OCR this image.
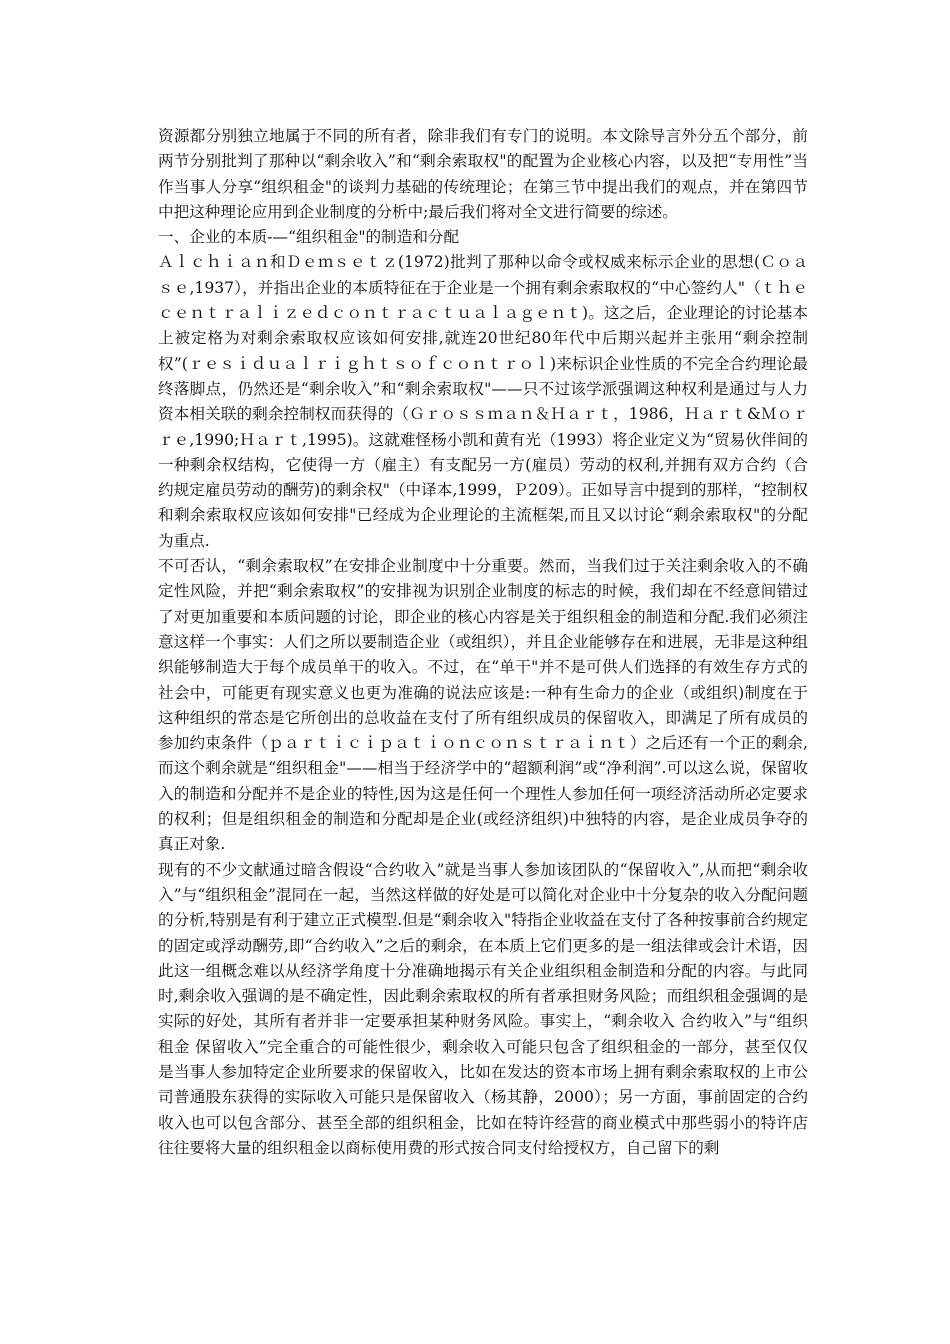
资源都分别独立地属于不同的所有者，除非我们有专门的说明。本文除导言外分五个部分，前两节分别批判了那种以“剩余收入”和“剩余索取权"的配置为企业核心内容，以及把“专用性”当作当事人分享“组织租金"的谈判力基础的传统理论；在第三节中提出我们的观点，并在第四节中把这种理论应用到企业制度的分析中;最后我们将对全文进行简要的综述。

一、企业的本质-—“组织租金"的制造和分配

Ａｌｃｈｉａｎ和Ｄｅｍｓｅｔｚ(1972)批判了那种以命令或权威来标示企业的思想(Ｃｏａｓｅ,1937），并指出企业的本质特征在于企业是一个拥有剩余索取权的“中心签约人"（ｔｈｅｃｅｎｔｒａｌｉｚｅｄｃｏｎｔｒａｃｔｕａｌａｇｅｎｔ)。这之后，企业理论的讨论基本上被定格为对剩余索取权应该如何安排,就连20世纪80年代中后期兴起并主张用“剩余控制权”(ｒｅｓｉｄｕａｌｒｉｇｈｔｓｏｆｃｏｎｔｒｏｌ)来标识企业性质的不完全合约理论最终落脚点，仍然还是“剩余收入”和“剩余索取权"——只不过该学派强调这种权利是通过与人力资本相关联的剩余控制权而获得的（Ｇｒｏｓｓｍａｎ＆Ｈａｒｔ，1986，Ｈａｒｔ&Ｍｏｒｒｅ,1990;Ｈａｒｔ,1995)。这就难怪杨小凯和黄有光（1993）将企业定义为“贸易伙伴间的一种剩余权结构，它使得一方（雇主）有支配另一方(雇员）劳动的权利,并拥有双方合约（合约规定雇员劳动的酬劳)的剩余权"（中译本,1999，Ｐ209）。正如导言中提到的那样，“控制权和剩余索取权应该如何安排"已经成为企业理论的主流框架,而且又以讨论“剩余索取权"的分配为重点.

不可否认，“剩余索取权”在安排企业制度中十分重要。然而，当我们过于关注剩余收入的不确定性风险，并把“剩余索取权”的安排视为识别企业制度的标志的时候，我们却在不经意间错过了对更加重要和本质问题的讨论，即企业的核心内容是关于组织租金的制造和分配.我们必须注意这样一个事实：人们之所以要制造企业（或组织），并且企业能够存在和进展，无非是这种组织能够制造大于每个成员单干的收入。不过，在“单干"并不是可供人们选择的有效生存方式的社会中，可能更有现实意义也更为准确的说法应该是:一种有生命力的企业（或组织)制度在于这种组织的常态是它所创出的总收益在支付了所有组织成员的保留收入，即满足了所有成员的参加约束条件（ｐａｒｔｉｃｉｐａｔｉｏｎｃｏｎｓｔｒａｉｎｔ）之后还有一个正的剩余,而这个剩余就是“组织租金"——相当于经济学中的“超额利润”或“净利润”.可以这么说，保留收入的制造和分配并不是企业的特性,因为这是任何一个理性人参加任何一项经济活动所必定要求的权利；但是组织租金的制造和分配却是企业(或经济组织)中独特的内容，是企业成员争夺的真正对象.

现有的不少文献通过暗含假设“合约收入”就是当事人参加该团队的“保留收入”,从而把“剩余收入”与“组织租金”混同在一起，当然这样做的好处是可以简化对企业中十分复杂的收入分配问题的分析,特别是有利于建立正式模型.但是“剩余收入"特指企业收益在支付了各种按事前合约规定的固定或浮动酬劳,即“合约收入”之后的剩余，在本质上它们更多的是一组法律或会计术语，因此这一组概念难以从经济学角度十分准确地揭示有关企业组织租金制造和分配的内容。与此同时,剩余收入强调的是不确定性，因此剩余索取权的所有者承担财务风险；而组织租金强调的是实际的好处，其所有者并非一定要承担某种财务风险。事实上，“剩余收入 合约收入”与“组织租金 保留收入”完全重合的可能性很少，剩余收入可能只包含了组织租金的一部分，甚至仅仅是当事人参加特定企业所要求的保留收入，比如在发达的资本市场上拥有剩余索取权的上市公司普通股东获得的实际收入可能只是保留收入（杨其静，2000）；另一方面，事前固定的合约收入也可以包含部分、甚至全部的组织租金，比如在特许经营的商业模式中那些弱小的特许店往往要将大量的组织租金以商标使用费的形式按合同支付给授权方，自己留下的剩
